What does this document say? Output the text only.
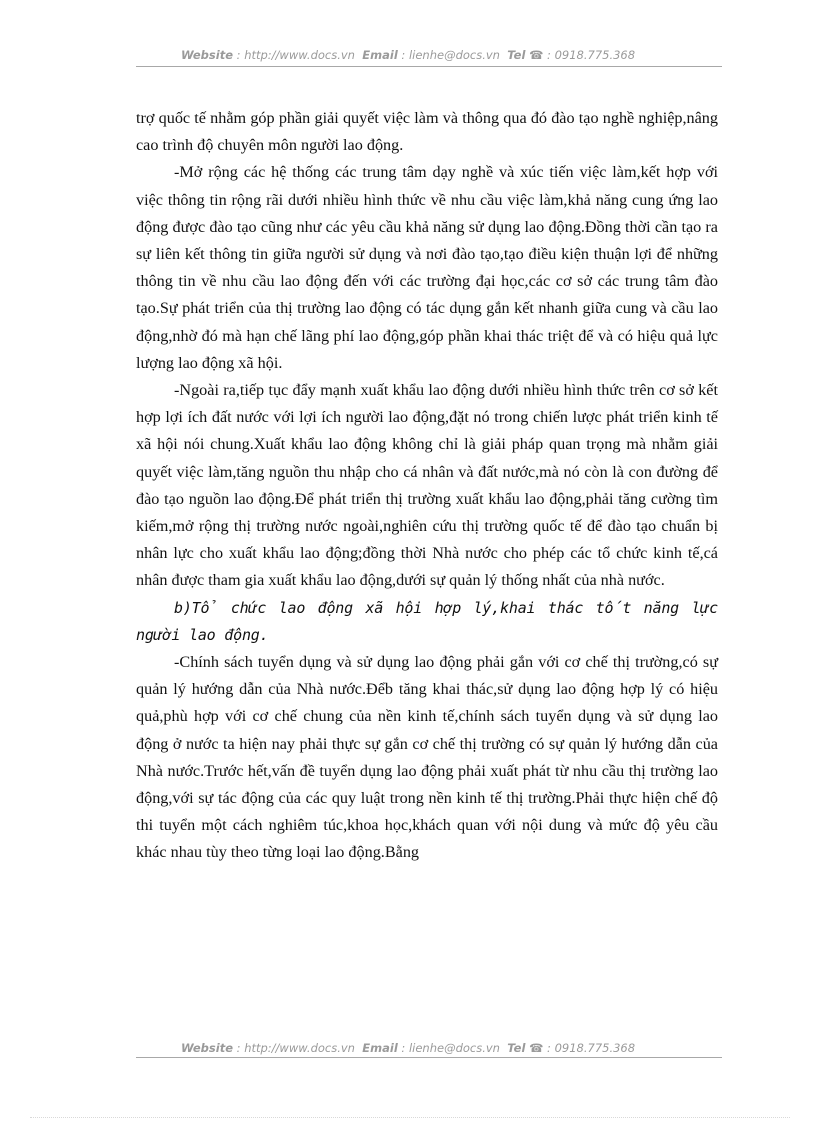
Website : http://www.docs.vn Email : lienhe@docs.vn Tel ☎ : 0918.775.368

trợ quốc tế nhằm góp phần giải quyết việc làm và thông qua đó đào tạo nghề nghiệp,nâng cao trình độ chuyên môn người lao động.

-Mở rộng các hệ thống các trung tâm dạy nghề và xúc tiến việc làm,kết hợp với việc thông tin rộng rãi dưới nhiều hình thức về nhu cầu việc làm,khả năng cung ứng lao động được đào tạo cũng như các yêu cầu khả năng sử dụng lao động.Đồng thời cần tạo ra sự liên kết thông tin giữa người sử dụng và nơi đào tạo,tạo điều kiện thuận lợi để những thông tin về nhu cầu lao động đến với các trường đại học,các cơ sở các trung tâm đào tạo.Sự phát triển của thị trường lao động có tác dụng gắn kết nhanh giữa cung và cầu lao động,nhờ đó mà hạn chế lãng phí lao động,góp phần khai thác triệt để và có hiệu quả lực lượng lao động xã hội.

-Ngoài ra,tiếp tục đẩy mạnh xuất khẩu lao động dưới nhiều hình thức trên cơ sở kết hợp lợi ích đất nước với lợi ích người lao động,đặt nó trong chiến lược phát triển kinh tế xã hội nói chung.Xuất khẩu lao động không chỉ là giải pháp quan trọng mà nhằm giải quyết việc làm,tăng nguồn thu nhập cho cá nhân và đất nước,mà nó còn là con đường để đào tạo nguồn lao động.Để phát triển thị trường xuất khẩu lao động,phải tăng cường tìm kiếm,mở rộng thị trường nước ngoài,nghiên cứu thị trường quốc tế để đào tạo chuẩn bị nhân lực cho xuất khẩu lao động;đồng thời Nhà nước cho phép các tổ chức kinh tế,cá nhân được tham gia xuất khẩu lao động,dưới sự quản lý thống nhất của nhà nước.

b)Tổ chức lao động xã hội hợp lý,khai thác tốt năng lực người lao động.

-Chính sách tuyển dụng và sử dụng lao động phải gắn với cơ chế thị trường,có sự quản lý hướng dẫn của Nhà nước.Đểb tăng khai thác,sử dụng lao động hợp lý có hiệu quả,phù hợp với cơ chế chung của nền kinh tế,chính sách tuyển dụng và sử dụng lao động ở nước ta hiện nay phải thực sự gắn cơ chế thị trường có sự quản lý hướng dẫn của Nhà nước.Trước hết,vấn đề tuyển dụng lao động phải xuất phát từ nhu cầu thị trường lao động,với sự tác động của các quy luật trong nền kinh tế thị trường.Phải thực hiện chế độ thi tuyển một cách nghiêm túc,khoa học,khách quan với nội dung và mức độ yêu cầu khác nhau tùy theo từng loại lao động.Bằng

Website : http://www.docs.vn Email : lienhe@docs.vn Tel ☎ : 0918.775.368
